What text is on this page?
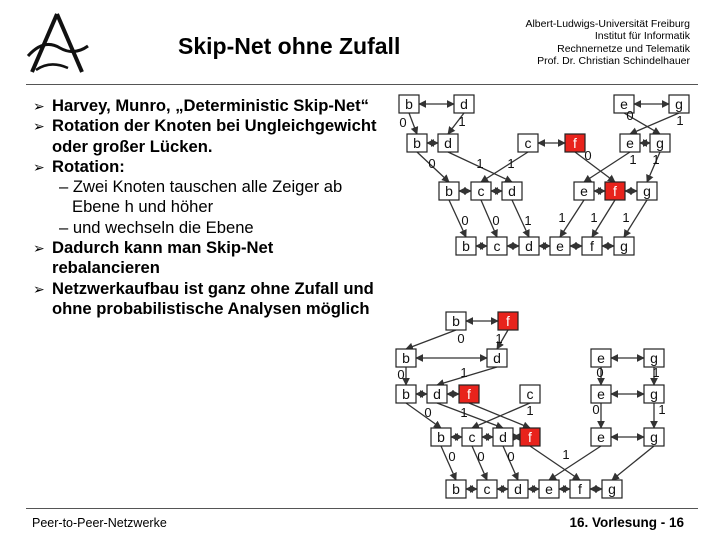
Skip-Net ohne Zufall
Albert-Ludwigs-Universität Freiburg
Institut für Informatik
Rechnernetze und Telematik
Prof. Dr. Christian Schindelhauer
➢ Harvey, Munro, „Deterministic Skip-Net“
➢ Rotation der Knoten bei Ungleichgewicht oder großer Lücken.
➢ Rotation:
– Zwei Knoten tauschen alle Zeiger ab Ebene h und höher
– und wechseln die Ebene
➢ Dadurch kann man Skip-Net rebalancieren
➢ Netzwerkaufbau ist ganz ohne Zufall und ohne probabilistische Analysen möglich
b	d	e	g
b d	c	f	e g
b c d	e f g
b c d e f g
0	1	0	1
0	1 1
0	1 1
0 0 1 1 1 1
b	f
b	d	e	g
b d f	c	e	g
b c d f	e	g
b c d e f g
0 1
0	1	0	1
0 1	1	0	1
0 0 0	1
Peer-to-Peer-Netzwerke	16. Vorlesung - 16
